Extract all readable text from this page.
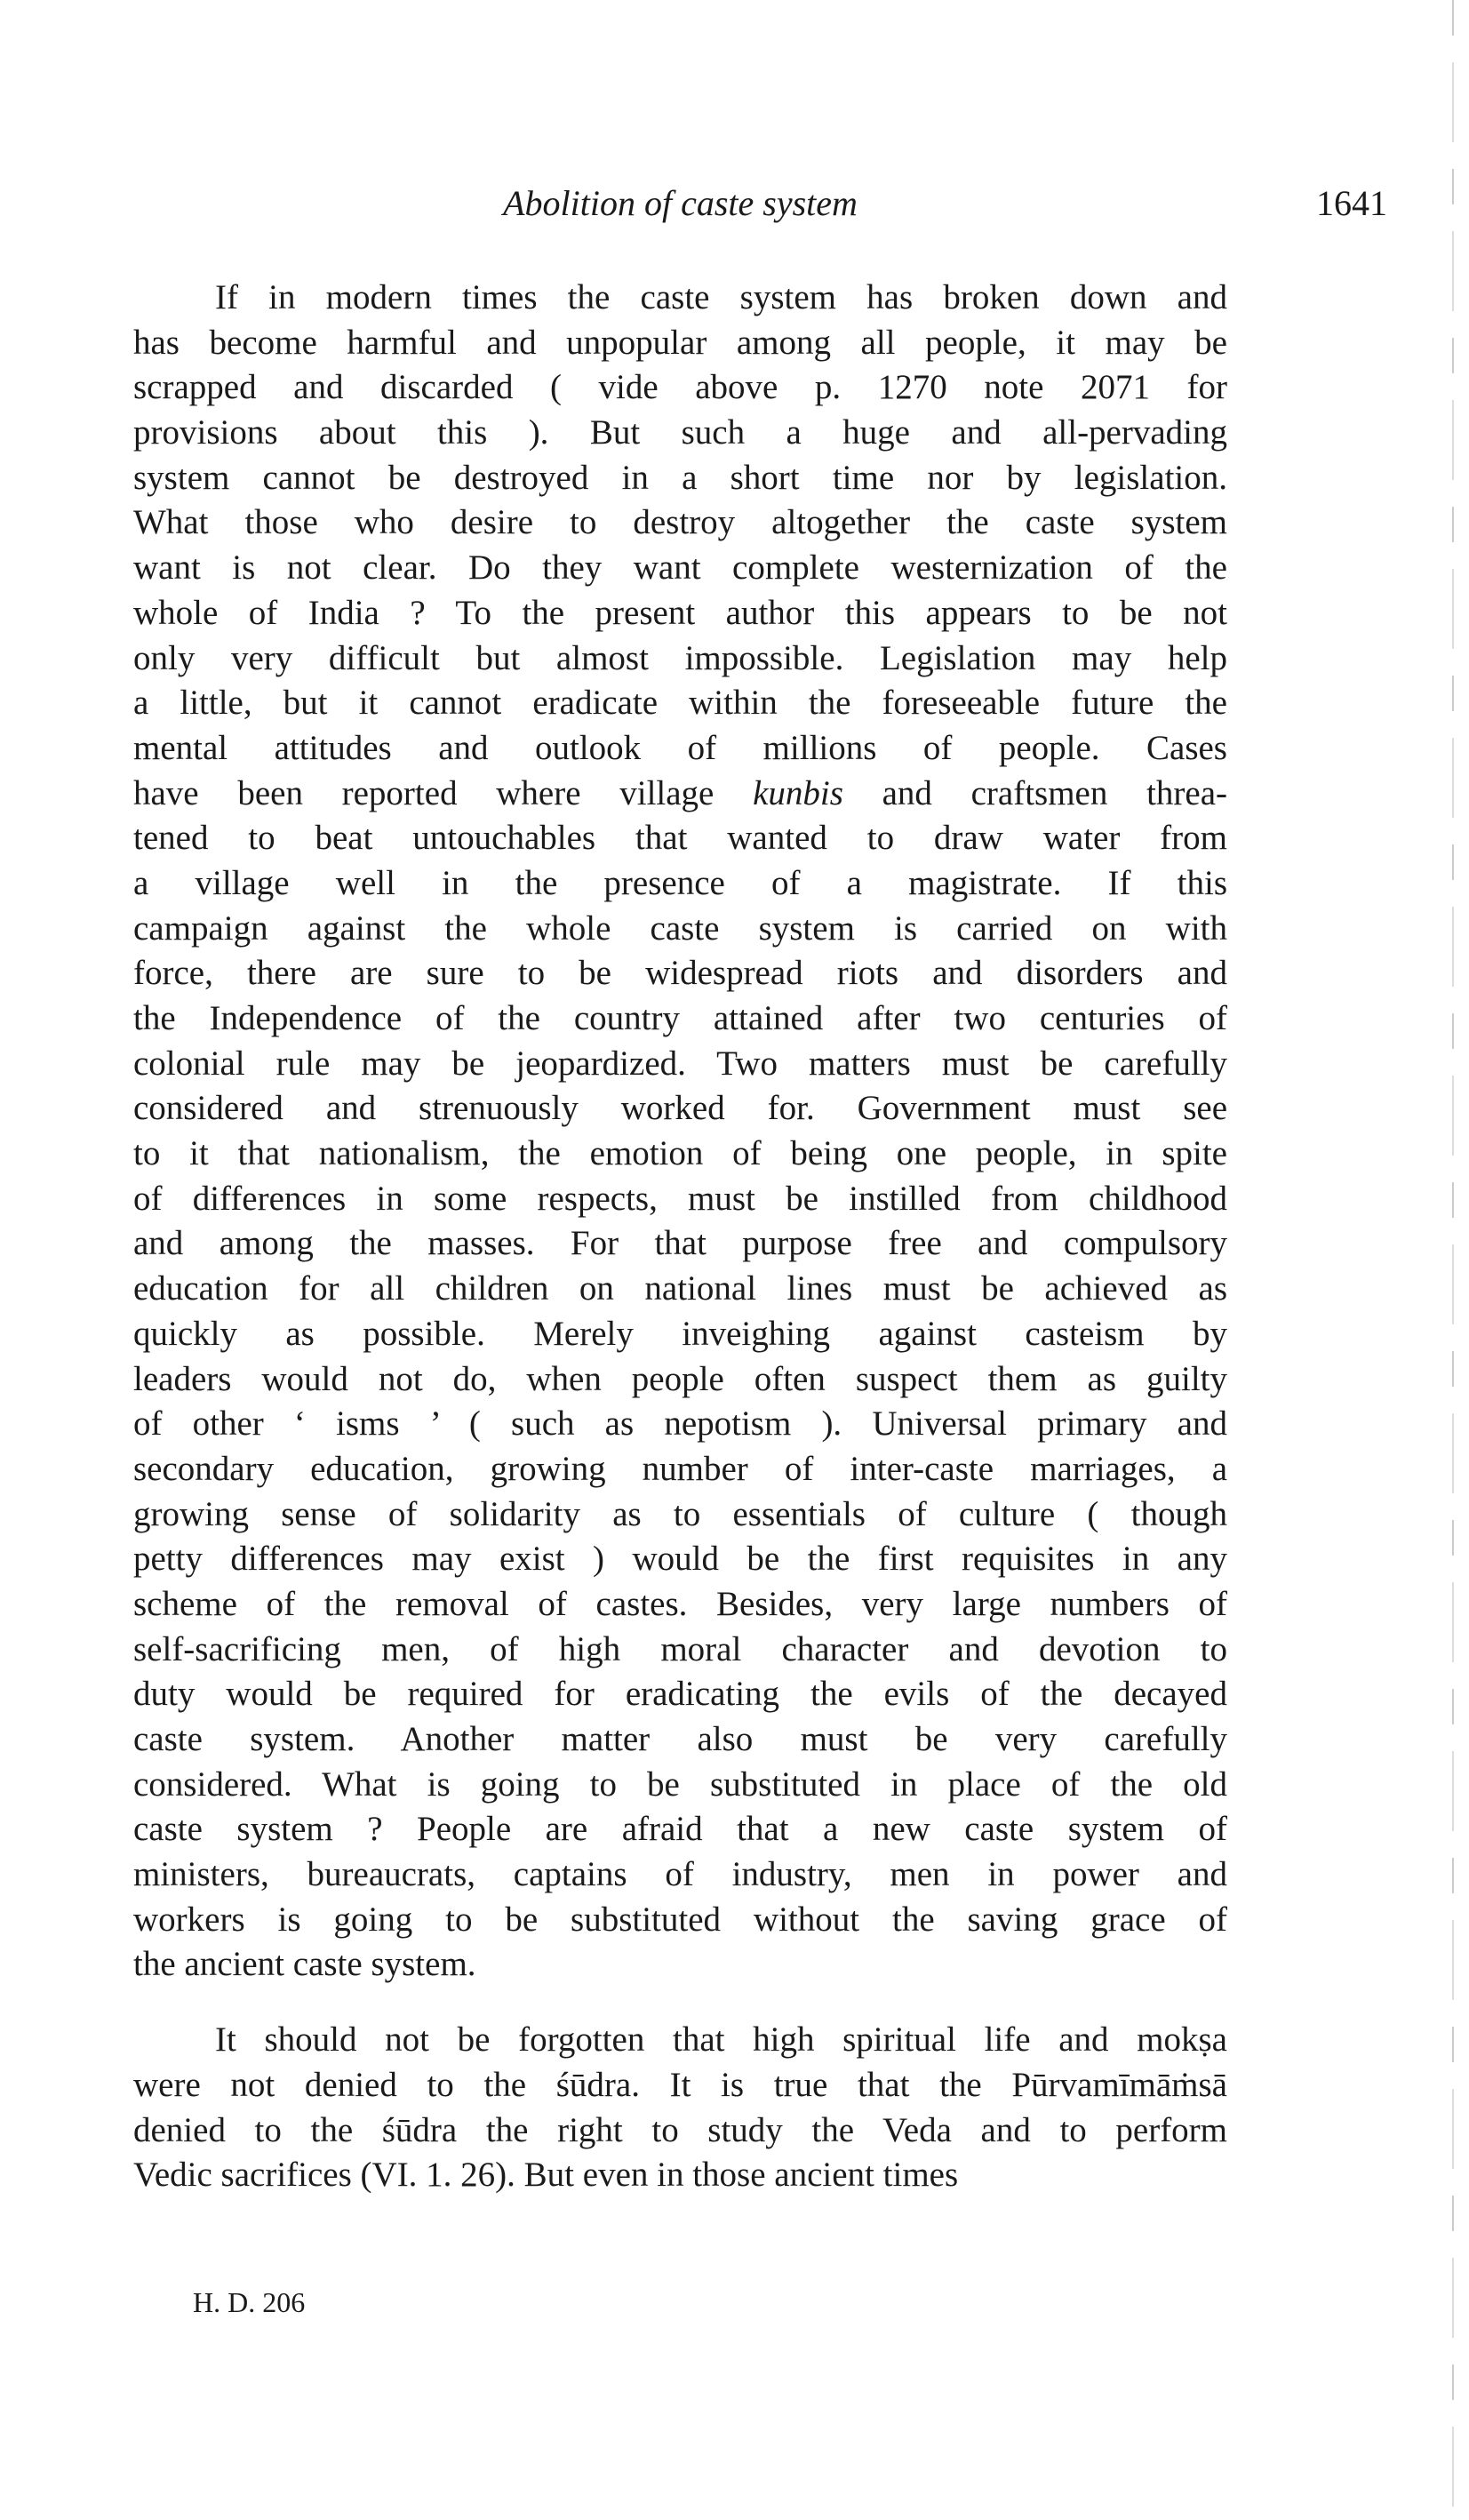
Abolition of caste system	1641
If in modern times the caste system has broken down and
has become harmful and unpopular among all people, it may be
scrapped and discarded ( vide above p. 1270 note 2071 for
provisions about this ). But such a huge and all-pervading
system cannot be destroyed in a short time nor by legislation.
What those who desire to destroy altogether the caste system
want is not clear. Do they want complete westernization of the
whole of India ? To the present author this appears to be not
only very difficult but almost impossible. Legislation may help
a little, but it cannot eradicate within the foreseeable future the
mental attitudes and outlook of millions of people. Cases
have been reported where village kunbis and craftsmen threa-
tened to beat untouchables that wanted to draw water from
a village well in the presence of a magistrate. If this
campaign against the whole caste system is carried on with
force, there are sure to be widespread riots and disorders and
the Independence of the country attained after two centuries of
colonial rule may be jeopardized. Two matters must be carefully
considered and strenuously worked for. Government must see
to it that nationalism, the emotion of being one people, in spite
of differences in some respects, must be instilled from childhood
and among the masses. For that purpose free and compulsory
education for all children on national lines must be achieved as
quickly as possible. Merely inveighing against casteism by
leaders would not do, when people often suspect them as guilty
of other ‘ isms ’ ( such as nepotism ). Universal primary and
secondary education, growing number of inter-caste marriages, a
growing sense of solidarity as to essentials of culture ( though
petty differences may exist ) would be the first requisites in any
scheme of the removal of castes. Besides, very large numbers of
self-sacrificing men, of high moral character and devotion to
duty would be required for eradicating the evils of the decayed
caste system. Another matter also must be very carefully
considered. What is going to be substituted in place of the old
caste system ? People are afraid that a new caste system of
ministers, bureaucrats, captains of industry, men in power and
workers is going to be substituted without the saving grace of
the ancient caste system.
It should not be forgotten that high spiritual life and mokṣa
were not denied to the śūdra. It is true that the Pūrvamīmāṁsā
denied to the śūdra the right to study the Veda and to perform
Vedic sacrifices (VI. 1. 26). But even in those ancient times
H. D. 206
